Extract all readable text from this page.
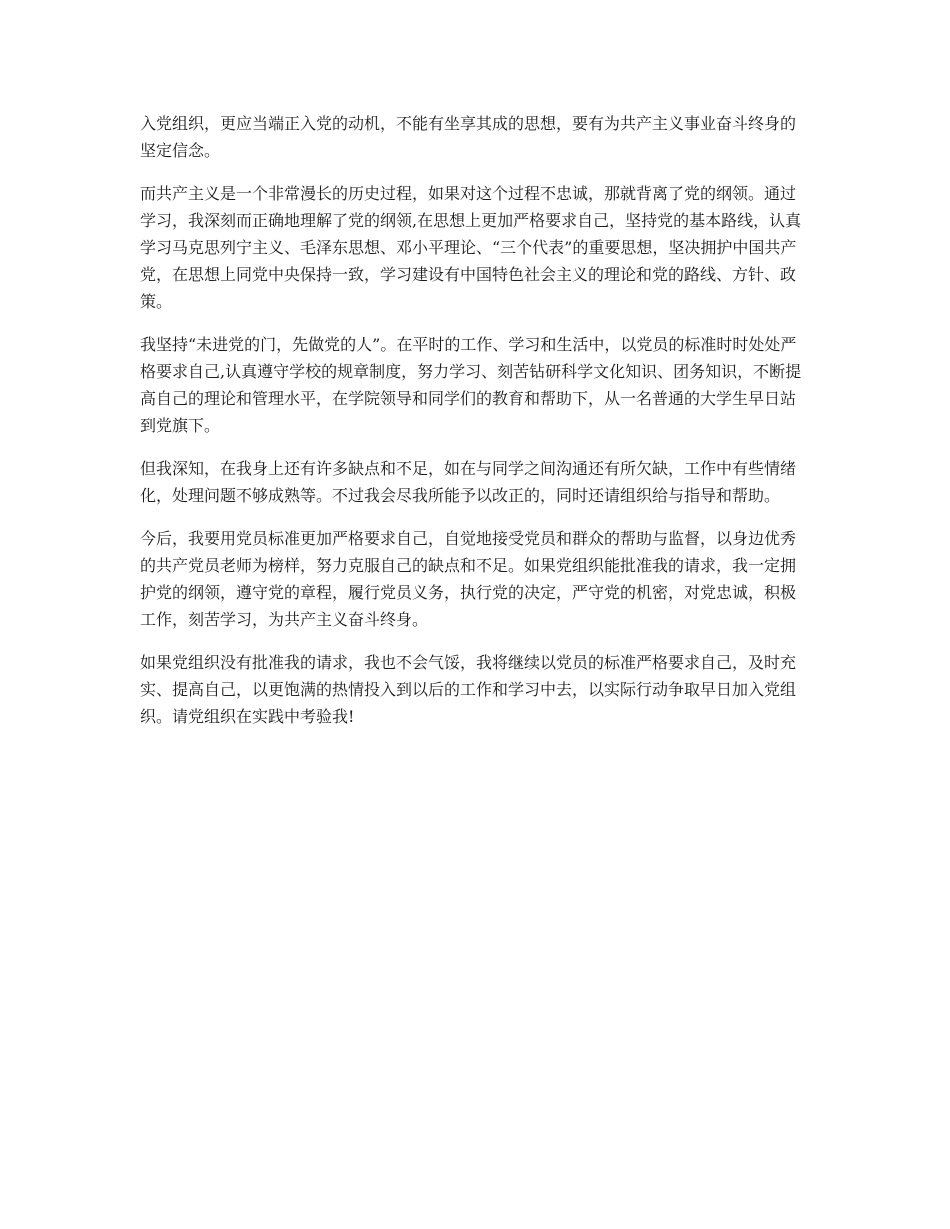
入党组织，更应当端正入党的动机，不能有坐享其成的思想，要有为共产主义事业奋斗终身的坚定信念。

而共产主义是一个非常漫长的历史过程，如果对这个过程不忠诚，那就背离了党的纲领。通过学习，我深刻而正确地理解了党的纲领,在思想上更加严格要求自己，坚持党的基本路线，认真学习马克思列宁主义、毛泽东思想、邓小平理论、“三个代表”的重要思想，坚决拥护中国共产党，在思想上同党中央保持一致，学习建设有中国特色社会主义的理论和党的路线、方针、政策。

我坚持“未进党的门，先做党的人”。在平时的工作、学习和生活中，以党员的标准时时处处严格要求自己,认真遵守学校的规章制度，努力学习、刻苦钻研科学文化知识、团务知识，不断提高自己的理论和管理水平，在学院领导和同学们的教育和帮助下，从一名普通的大学生早日站到党旗下。

但我深知，在我身上还有许多缺点和不足，如在与同学之间沟通还有所欠缺，工作中有些情绪化，处理问题不够成熟等。不过我会尽我所能予以改正的，同时还请组织给与指导和帮助。

今后，我要用党员标准更加严格要求自己，自觉地接受党员和群众的帮助与监督，以身边优秀的共产党员老师为榜样，努力克服自己的缺点和不足。如果党组织能批准我的请求，我一定拥护党的纲领，遵守党的章程，履行党员义务，执行党的决定，严守党的机密，对党忠诚，积极工作，刻苦学习，为共产主义奋斗终身。

如果党组织没有批准我的请求，我也不会气馁，我将继续以党员的标准严格要求自己，及时充实、提高自己，以更饱满的热情投入到以后的工作和学习中去，以实际行动争取早日加入党组织。请党组织在实践中考验我!
